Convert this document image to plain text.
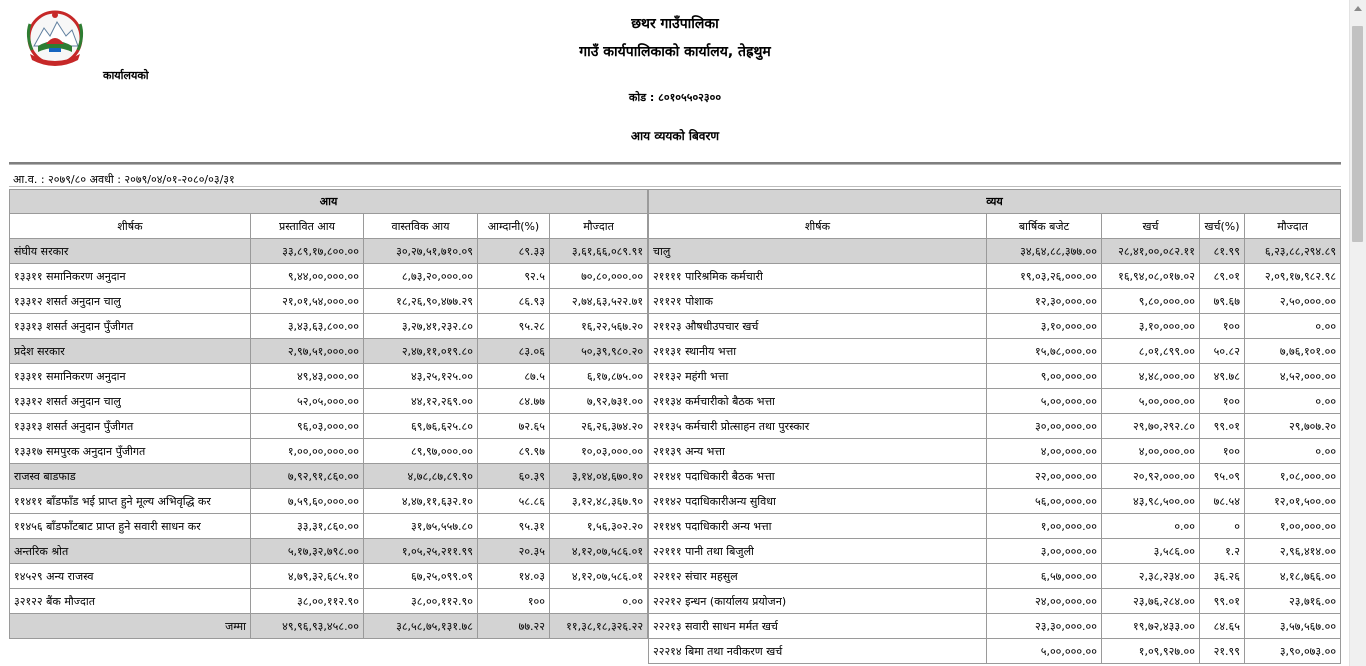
कार्यालयको
छथर गाउँपालिका
गाउँ कार्यपालिकाको कार्यालय, तेह्रथुम
कोड : ८०१०५५०२३००
आय व्ययको बिवरण
आ.व. : २०७९/८० अवधी : २०७९/०४/०१-२०८०/०३/३१
आय				
शीर्षक	प्रस्तावित आय	वास्तविक आय	आम्दानी(%)	मौज्दात
संघीय सरकार	३३,८९,१७,८००.००	३०,२७,५१,७१०.०९	८९.३३	३,६१,६६,०८९.९१
१३३११ समानिकरण अनुदान	९,४४,००,०००.००	८,७३,२०,०००.००	९२.५	७०,८०,०००.००
१३३१२ शसर्त अनुदान चालु	२१,०१,५४,०००.००	१८,२६,९०,४७७.२९	८६.९३	२,७४,६३,५२२.७१
१३३१३ शसर्त अनुदान पुँजीगत	३,४३,६३,८००.००	३,२७,४१,२३२.८०	९५.२८	१६,२२,५६७.२०
प्रदेश सरकार	२,९७,५१,०००.००	२,४७,११,०१९.८०	८३.०६	५०,३९,९८०.२०
१३३११ समानिकरण अनुदान	४९,४३,०००.००	४३,२५,१२५.००	८७.५	६,१७,८७५.००
१३३१२ शसर्त अनुदान चालु	५२,०५,०००.००	४४,१२,२६९.००	८४.७७	७,९२,७३१.००
१३३१३ शसर्त अनुदान पुँजीगत	९६,०३,०००.००	६९,७६,६२५.८०	७२.६५	२६,२६,३७४.२०
१३३१७ समपुरक अनुदान पुँजीगत	१,००,००,०००.००	८९,९७,०००.००	८९.९७	१०,०३,०००.००
राजस्व बाडफाड	७,९२,९१,८६०.००	४,७८,८७,८९.९०	६०.३९	३,१४,०४,६७०.१०
११४११ बाँडफाँड भई प्राप्त हुने मूल्य अभिवृद्धि कर	७,५९,६०,०००.००	४,४७,११,६३२.१०	५८.८६	३,१२,४८,३६७.९०
११४५६ बाँडफाँटबाट प्राप्त हुने सवारी साधन कर	३३,३१,८६०.००	३१,७५,५५७.८०	९५.३१	१,५६,३०२.२०
अन्तरिक श्रोत	५,१७,३२,७९८.००	१,०५,२५,२११.९९	२०.३५	४,१२,०७,५८६.०१
१४५२९ अन्य राजस्व	४,७९,३२,६८५.१०	६७,२५,०९९.०९	१४.०३	४,१२,०७,५८६.०१
३२१२२ बैंक मौज्दात	३८,००,११२.९०	३८,००,११२.९०	१००	०.००
जम्मा	४९,९६,९३,४५८.००	३८,५८,७५,१३१.७८	७७.२२	११,३८,१८,३२६.२२
व्यय				
शीर्षक	बार्षिक बजेट	खर्च	खर्च(%)	मौज्दात
चालु	३४,६४,८८,३७७.००	२८,४१,००,०८२.११	८१.९९	६,२३,८८,२९४.८९
२११११ पारिश्रमिक कर्मचारी	१९,०३,२६,०००.००	१६,९४,०८,०१७.०२	८९.०१	२,०९,१७,९८२.९८
२११२१ पोशाक	१२,३०,०००.००	९,८०,०००.००	७९.६७	२,५०,०००.००
२११२३ औषधीउपचार खर्च	३,१०,०००.००	३,१०,०००.००	१००	०.००
२११३१ स्थानीय भत्ता	१५,७८,०००.००	८,०१,८९९.००	५०.८२	७,७६,१०१.००
२११३२ महंगी भत्ता	९,००,०००.००	४,४८,०००.००	४९.७८	४,५२,०००.००
२११३४ कर्मचारीको बैठक भत्ता	५,००,०००.००	५,००,०००.००	१००	०.००
२११३५ कर्मचारी प्रोत्साहन तथा पुरस्कार	३०,००,०००.००	२९,७०,२९२.८०	९९.०१	२९,७०७.२०
२११३९ अन्य भत्ता	४,००,०००.००	४,००,०००.००	१००	०.००
२११४१ पदाधिकारी बैठक भत्ता	२२,००,०००.००	२०,९२,०००.००	९५.०९	१,०८,०००.००
२११४२ पदाधिकारीअन्य सुविधा	५६,००,०००.००	४३,९८,५००.००	७८.५४	१२,०१,५००.००
२११४९ पदाधिकारी अन्य भत्ता	१,००,०००.००	०.००	०	१,००,०००.००
२२१११ पानी तथा बिजुली	३,००,०००.००	३,५८६.००	१.२	२,९६,४१४.००
२२११२ संचार महसुल	६,५७,०००.००	२,३८,२३४.००	३६.२६	४,१८,७६६.००
२२२१२ इन्धन (कार्यालय प्रयोजन)	२४,००,०००.००	२३,७६,२८४.००	९९.०१	२३,७१६.००
२२२१३ सवारी साधन मर्मत खर्च	२३,३०,०००.००	१९,७२,४३३.००	८४.६५	३,५७,५६७.००
२२२१४ बिमा तथा नवीकरण खर्च	५,००,०००.००	१,०९,९२७.००	२१.९९	३,९०,०७३.००
